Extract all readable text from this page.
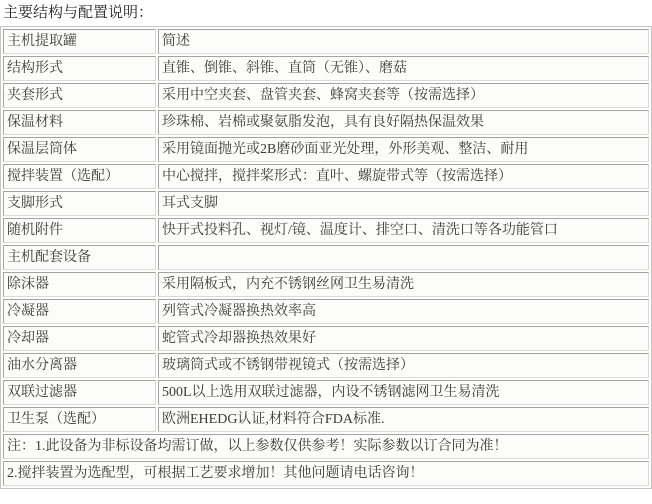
主要结构与配置说明：
主机提取罐	简述
结构形式	直锥、倒锥、斜锥、直筒（无锥）、磨菇
夹套形式	采用中空夹套、盘管夹套、蜂窝夹套等（按需选择）
保温材料	珍珠棉、岩棉或聚氨脂发泡，具有良好隔热保温效果
保温层筒体	采用镜面抛光或2B磨砂面亚光处理，外形美观、整洁、耐用
搅拌装置（选配）	中心搅拌，搅拌桨形式：直叶、螺旋带式等（按需选择）
支脚形式	耳式支脚
随机附件	快开式投料孔、视灯/镜、温度计、排空口、清洗口等各功能管口
主机配套设备	
除沫器	采用隔板式，内充不锈钢丝网卫生易清洗
冷凝器	列管式冷凝器换热效率高
冷却器	蛇管式冷却器换热效果好
油水分离器	玻璃筒式或不锈钢带视镜式（按需选择）
双联过滤器	500L以上选用双联过滤器，内设不锈钢滤网卫生易清洗
卫生泵（选配）	欧洲EHEDG认证,材料符合FDA标准.
注：1.此设备为非标设备均需订做，以上参数仅供参考！实际参数以订合同为准！	
2.搅拌装置为选配型，可根据工艺要求增加！其他问题请电话咨询！	
